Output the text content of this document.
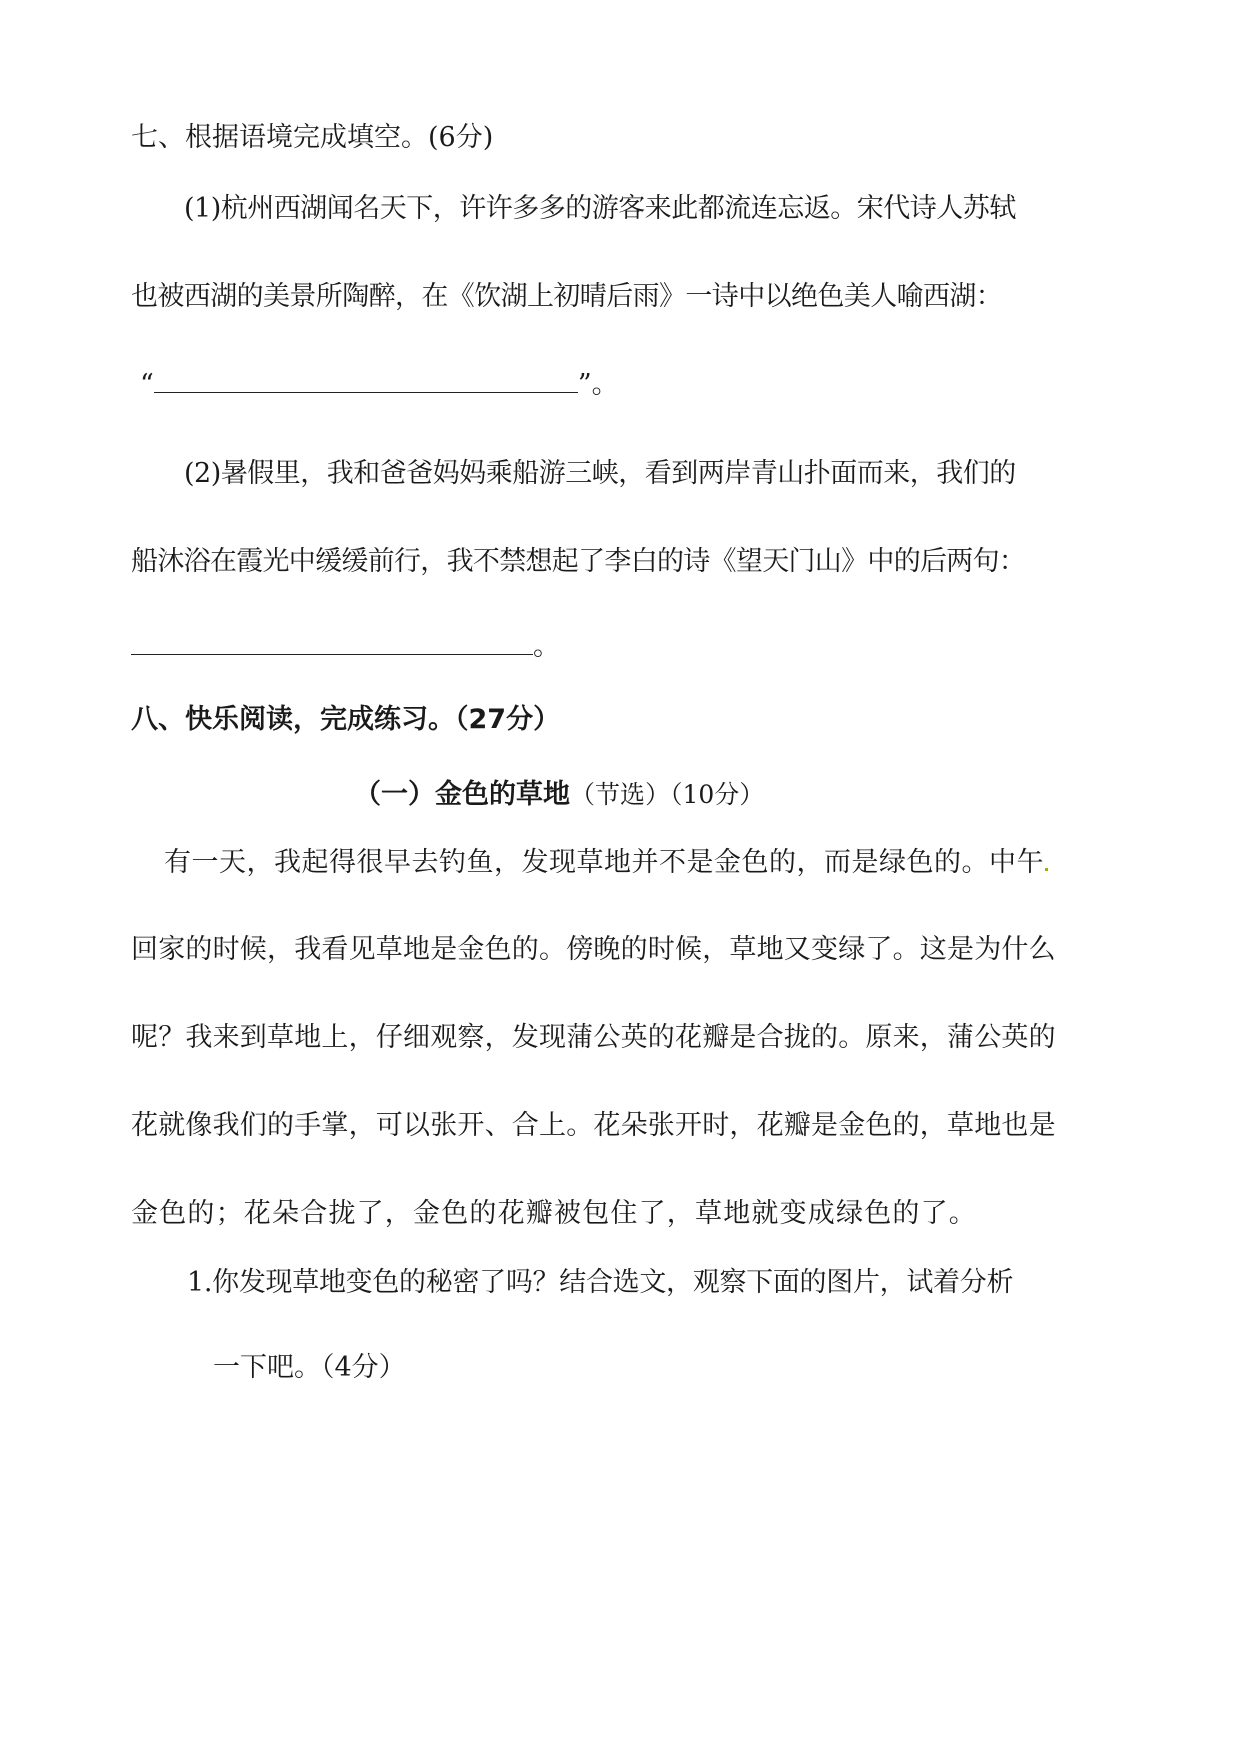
七、根据语境完成填空。(6分)
(1)杭州西湖闻名天下，许许多多的游客来此都流连忘返。宋代诗人苏轼
也被西湖的美景所陶醉，在《饮湖上初晴后雨》一诗中以绝色美人喻西湖：
“	”。
(2)暑假里，我和爸爸妈妈乘船游三峡，看到两岸青山扑面而来，我们的
船沐浴在霞光中缓缓前行，我不禁想起了李白的诗《望天门山》中的后两句：
。
八、快乐阅读，完成练习。（27分）
（一）金色的草地（节选）（10分）
有一天，我起得很早去钓鱼，发现草地并不是金色的，而是绿色的。中午
回家的时候，我看见草地是金色的。傍晚的时候，草地又变绿了。这是为什么
呢？我来到草地上，仔细观察，发现蒲公英的花瓣是合拢的。原来，蒲公英的
花就像我们的手掌，可以张开、合上。花朵张开时，花瓣是金色的，草地也是
金色的；花朵合拢了，金色的花瓣被包住了，草地就变成绿色的了。
1.你发现草地变色的秘密了吗？结合选文，观察下面的图片，试着分析
一下吧。（4分）
